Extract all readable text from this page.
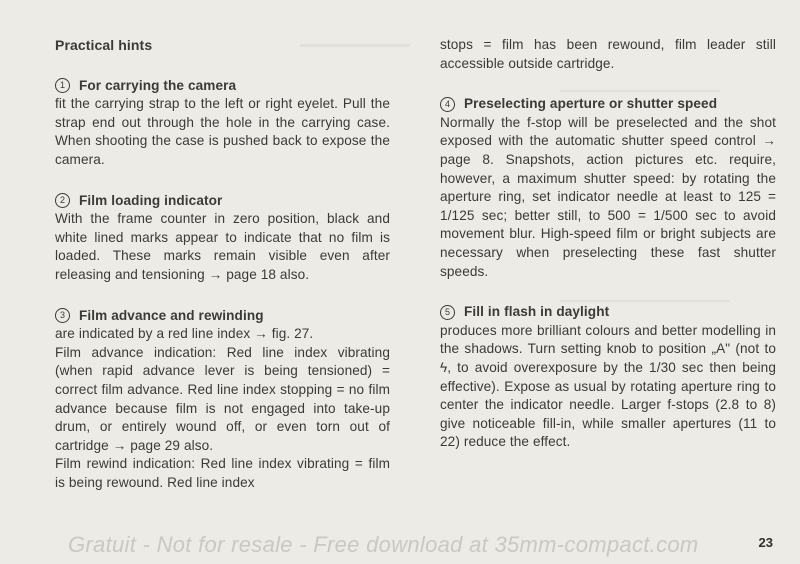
Practical hints
1	For carrying the camera
fit the carrying strap to the left or right eyelet. Pull the strap end out through the hole in the carrying case. When shooting the case is pushed back to expose the camera.
2	Film loading indicator
With the frame counter in zero position, black and white lined marks appear to indicate that no film is loaded. These marks remain visible even after releasing and tensioning → page 18 also.
3	Film advance and rewinding

are indicated by a red line index → fig. 27.

Film advance indication: Red line index vibrating (when rapid advance lever is being tensioned) = correct film advance. Red line index stopping = no film advance because film is not engaged into take-up drum, or entirely wound off, or even torn out of cartridge → page 29 also.

Film rewind indication: Red line index vibrating = film is being rewound. Red line index

stops = film has been rewound, film leader still accessible outside cartridge.

4	Preselecting aperture or shutter speed
Normally the f-stop will be preselected and the shot exposed with the automatic shutter speed control → page 8. Snapshots, action pictures etc. require, however, a maximum shutter speed: by rotating the aperture ring, set indicator needle at least to 125 = 1/125 sec; better still, to 500 = 1/500 sec to avoid movement blur. High-speed film or bright subjects are necessary when preselecting these fast shutter speeds.
5	Fill in flash in daylight
produces more brilliant colours and better modelling in the shadows. Turn setting knob to position „A" (not to ϟ, to avoid overexposure by the 1/30 sec then being effective). Expose as usual by rotating aperture ring to center the indicator needle. Larger f-stops (2.8 to 8) give noticeable fill-in, while smaller apertures (11 to 22) reduce the effect.
Gratuit - Not for resale - Free download at 35mm-compact.com	23
